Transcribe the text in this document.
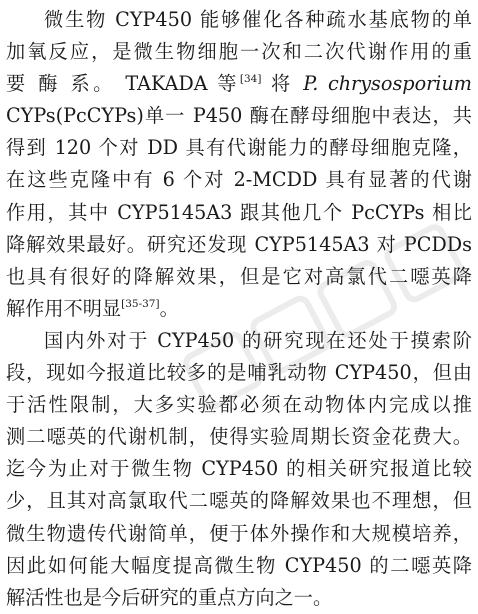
微生物 CYP450 能够催化各种疏水基底物的单
加氧反应，是微生物细胞一次和二次代谢作用的重
要 酶 系。 TAKADA 等[34] 将 P. chrysosporium
CYPs(PcCYPs)单一 P450 酶在酵母细胞中表达，共
得到 120 个对 DD 具有代谢能力的酵母细胞克隆，
在这些克隆中有 6 个对 2-MCDD 具有显著的代谢
作用，其中 CYP5145A3 跟其他几个 PcCYPs 相比
降解效果最好。研究还发现 CYP5145A3 对 PCDDs
也具有很好的降解效果，但是它对高氯代二噁英降
解作用不明显[35-37]。
国内外对于 CYP450 的研究现在还处于摸索阶
段，现如今报道比较多的是哺乳动物 CYP450，但由
于活性限制，大多实验都必须在动物体内完成以推
测二噁英的代谢机制，使得实验周期长资金花费大。
迄今为止对于微生物 CYP450 的相关研究报道比较
少，且其对高氯取代二噁英的降解效果也不理想，但
微生物遗传代谢简单，便于体外操作和大规模培养，
因此如何能大幅度提高微生物 CYP450 的二噁英降
解活性也是今后研究的重点方向之一。
